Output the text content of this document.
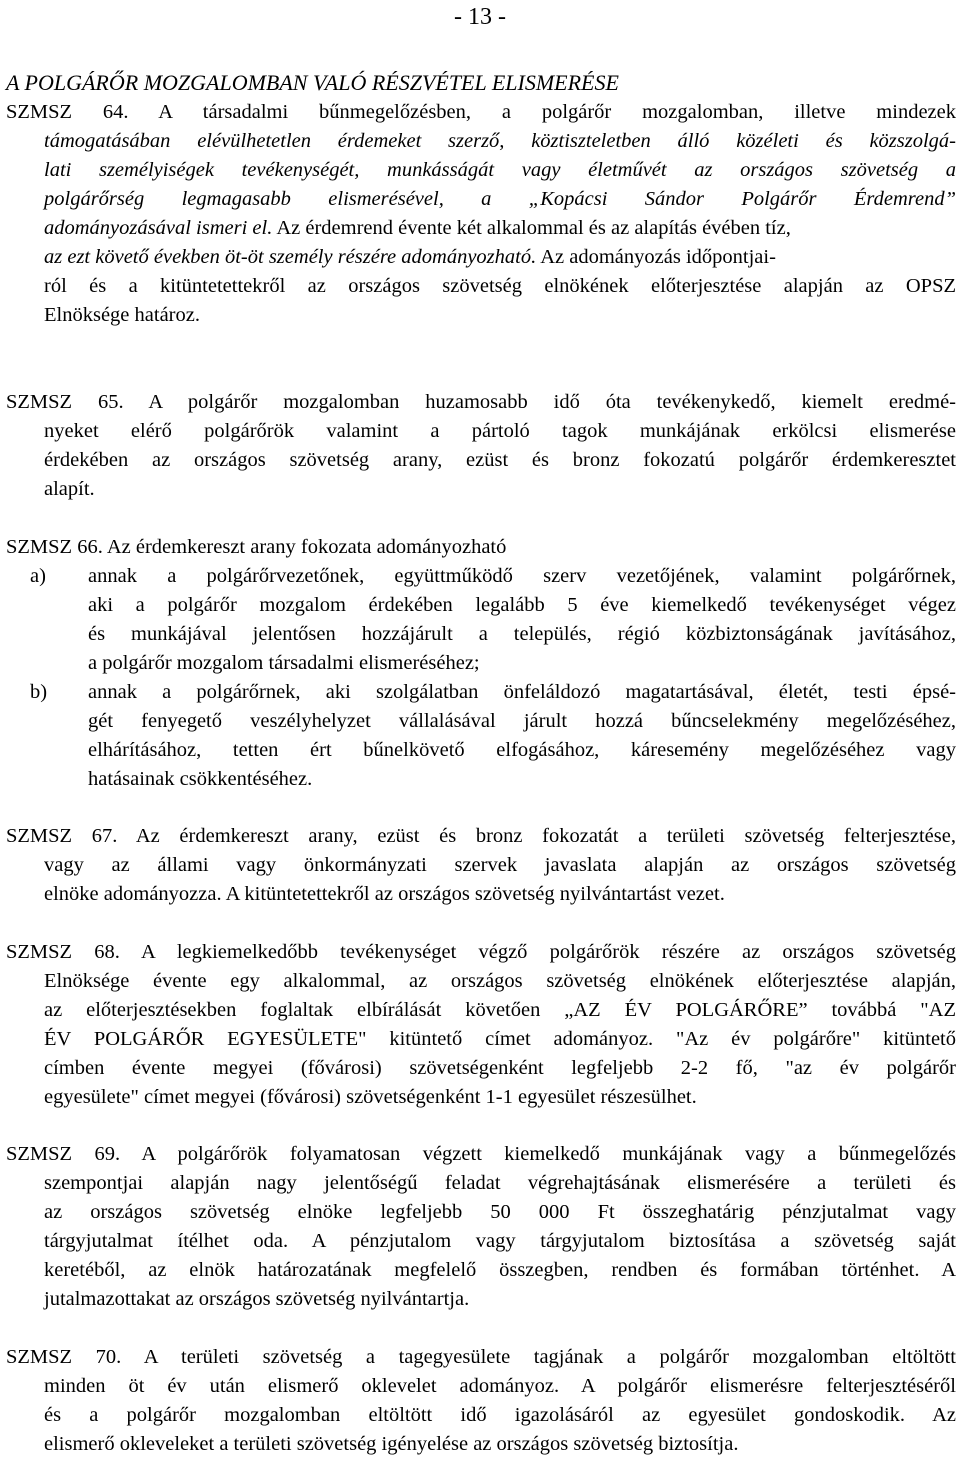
- 13 -
A POLGÁRŐR MOZGALOMBAN VALÓ RÉSZVÉTEL ELISMERÉSE
SZMSZ 64. A társadalmi bűnmegelőzésben, a polgárőr mozgalomban, illetve mindezek
támogatásában elévülhetetlen érdemeket szerző, köztiszteletben álló közéleti és közszolgá-
lati személyiségek tevékenységét, munkásságát vagy életművét az országos szövetség a
polgárőrség legmagasabb elismerésével, a „Kopácsi Sándor Polgárőr Érdemrend”
adományozásával ismeri el. Az érdemrend évente két alkalommal és az alapítás évében tíz,
az ezt követő években öt-öt személy részére adományozható. Az adományozás időpontjai-
ról és a kitüntetettekről az országos szövetség elnökének előterjesztése alapján az OPSZ
Elnöksége határoz.
SZMSZ 65. A polgárőr mozgalomban huzamosabb idő óta tevékenykedő, kiemelt eredmé-
nyeket elérő polgárőrök valamint a pártoló tagok munkájának erkölcsi elismerése
érdekében az országos szövetség arany, ezüst és bronz fokozatú polgárőr érdemkeresztet
alapít.
SZMSZ 66. Az érdemkereszt arany fokozata adományozható
a) annak a polgárőrvezetőnek, együttműködő szerv vezetőjének, valamint polgárőrnek,
aki a polgárőr mozgalom érdekében legalább 5 éve kiemelkedő tevékenységet végez
és munkájával jelentősen hozzájárult a település, régió közbiztonságának javításához,
a polgárőr mozgalom társadalmi elismeréséhez;
b) annak a polgárőrnek, aki szolgálatban önfeláldozó magatartásával, életét, testi épsé-
gét fenyegető veszélyhelyzet vállalásával járult hozzá bűncselekmény megelőzéséhez,
elhárításához, tetten ért bűnelkövető elfogásához, káresemény megelőzéséhez vagy
hatásainak csökkentéséhez.
SZMSZ 67. Az érdemkereszt arany, ezüst és bronz fokozatát a területi szövetség felterjesztése,
vagy az állami vagy önkormányzati szervek javaslata alapján az országos szövetség
elnöke adományozza. A kitüntetettekről az országos szövetség nyilvántartást vezet.
SZMSZ 68. A legkiemelkedőbb tevékenységet végző polgárőrök részére az országos szövetség
Elnöksége évente egy alkalommal, az országos szövetség elnökének előterjesztése alapján,
az előterjesztésekben foglaltak elbírálását követően „AZ ÉV POLGÁRŐRE” továbbá "AZ
ÉV POLGÁRŐR EGYESÜLETE" kitüntető címet adományoz. "Az év polgárőre" kitüntető
címben évente megyei (fővárosi) szövetségenként legfeljebb 2-2 fő, "az év polgárőr
egyesülete" címet megyei (fővárosi) szövetségenként 1-1 egyesület részesülhet.
SZMSZ 69. A polgárőrök folyamatosan végzett kiemelkedő munkájának vagy a bűnmegelőzés
szempontjai alapján nagy jelentőségű feladat végrehajtásának elismerésére a területi és
az országos szövetség elnöke legfeljebb 50 000 Ft összeghatárig pénzjutalmat vagy
tárgyjutalmat ítélhet oda. A pénzjutalom vagy tárgyjutalom biztosítása a szövetség saját
keretéből, az elnök határozatának megfelelő összegben, rendben és formában történhet. A
jutalmazottakat az országos szövetség nyilvántartja.
SZMSZ 70. A területi szövetség a tagegyesülete tagjának a polgárőr mozgalomban eltöltött
minden öt év után elismerő oklevelet adományoz. A polgárőr elismerésre felterjesztéséről
és a polgárőr mozgalomban eltöltött idő igazolásáról az egyesület gondoskodik. Az
elismerő okleveleket a területi szövetség igényelése az országos szövetség biztosítja.
